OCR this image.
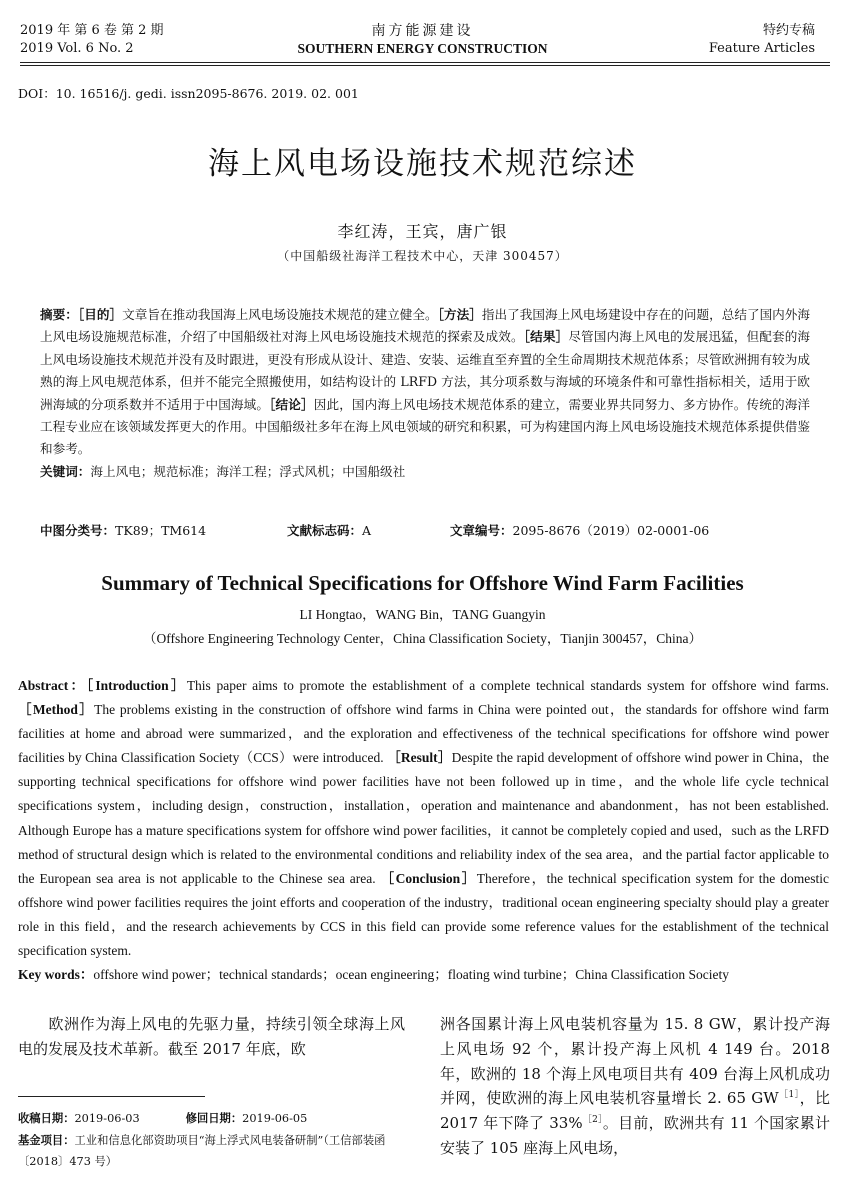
2019 年 第 6 卷 第 2 期
2019 Vol. 6 No. 2
南方能源建设
SOUTHERN ENERGY CONSTRUCTION
特约专稿
Feature Articles
DOI：10. 16516/j. gedi. issn2095-8676. 2019. 02. 001
海上风电场设施技术规范综述
李红涛，王宾，唐广银
（中国船级社海洋工程技术中心，天津 300457）
摘要：［目的］文章旨在推动我国海上风电场设施技术规范的建立健全。［方法］指出了我国海上风电场建设中存在的问题，总结了国内外海上风电场设施规范标准，介绍了中国船级社对海上风电场设施技术规范的探索及成效。［结果］尽管国内海上风电的发展迅猛，但配套的海上风电场设施技术规范并没有及时跟进，更没有形成从设计、建造、安装、运维直至弃置的全生命周期技术规范体系；尽管欧洲拥有较为成熟的海上风电规范体系，但并不能完全照搬使用，如结构设计的 LRFD 方法，其分项系数与海域的环境条件和可靠性指标相关，适用于欧洲海域的分项系数并不适用于中国海域。［结论］因此，国内海上风电场技术规范体系的建立，需要业界共同努力、多方协作。传统的海洋工程专业应在该领域发挥更大的作用。中国船级社多年在海上风电领域的研究和积累，可为构建国内海上风电场设施技术规范体系提供借鉴和参考。
关键词：海上风电；规范标准；海洋工程；浮式风机；中国船级社
中图分类号：TK89；TM614	文献标志码：A	文章编号：2095-8676（2019）02-0001-06
Summary of Technical Specifications for Offshore Wind Farm Facilities
LI Hongtao，WANG Bin，TANG Guangyin
（Offshore Engineering Technology Center，China Classification Society，Tianjin 300457，China）
Abstract：［Introduction］This paper aims to promote the establishment of a complete technical standards system for offshore wind farms. ［Method］The problems existing in the construction of offshore wind farms in China were pointed out，the standards for offshore wind farm facilities at home and abroad were summarized，and the exploration and effectiveness of the technical specifications for offshore wind power facilities by China Classification Society（CCS）were introduced. ［Result］Despite the rapid development of offshore wind power in China，the supporting technical specifications for offshore wind power facilities have not been followed up in time，and the whole life cycle technical specifications system，including design，construction，installation，operation and maintenance and abandonment，has not been established. Although Europe has a mature specifications system for offshore wind power facilities，it cannot be completely copied and used，such as the LRFD method of structural design which is related to the environmental conditions and reliability index of the sea area，and the partial factor applicable to the European sea area is not applicable to the Chinese sea area. ［Conclusion］Therefore，the technical specification system for the domestic offshore wind power facilities requires the joint efforts and cooperation of the industry，traditional ocean engineering specialty should play a greater role in this field，and the research achievements by CCS in this field can provide some reference values for the establishment of the technical specification system.
Key words：offshore wind power；technical standards；ocean engineering；floating wind turbine；China Classification Society
欧洲作为海上风电的先驱力量，持续引领全球海上风电的发展及技术革新。截至 2017 年底，欧
洲各国累计海上风电装机容量为 15. 8 GW，累计投产海上风电场 92 个，累计投产海上风机 4 149 台。2018 年，欧洲的 18 个海上风电项目共有 409 台海上风机成功并网，使欧洲的海上风电装机容量增长 2. 65 $GW^{[1]}$，比 2017 年下降了 33%$^{[2]}$。目前，欧洲共有 11 个国家累计安装了 105 座海上风电场，
收稿日期：2019-06-03	修回日期：2019-06-05
基金项目：工业和信息化部资助项目“海上浮式风电装备研制”（工信部装函〔2018〕473 号）
